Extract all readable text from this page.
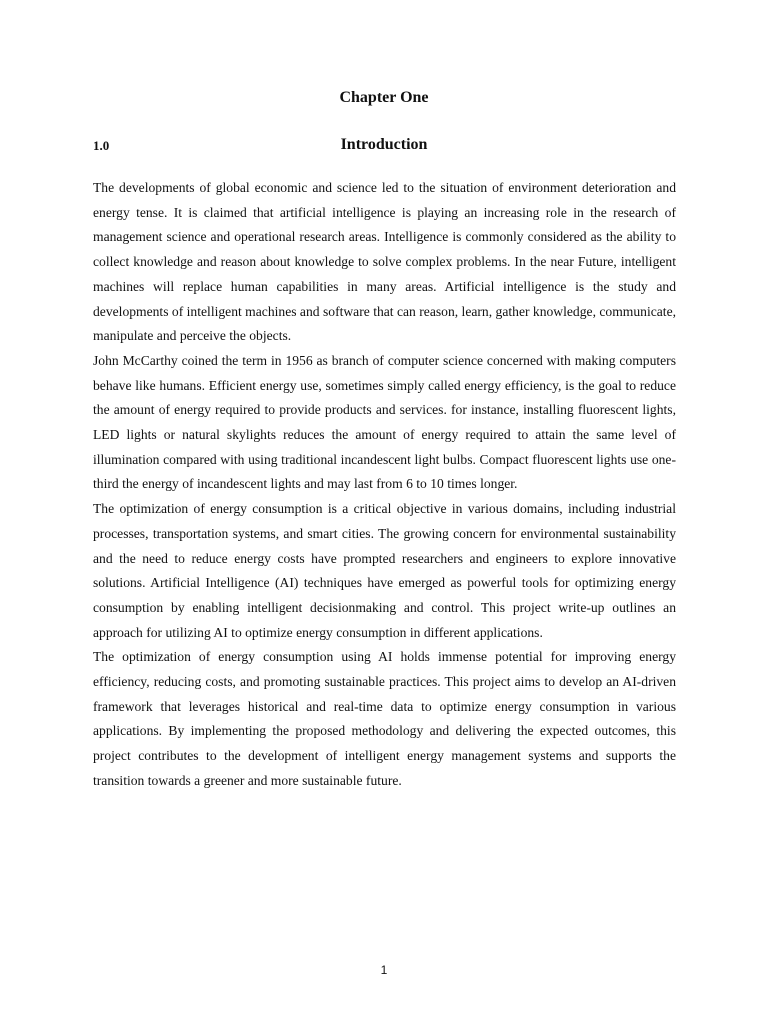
Chapter One
1.0	Introduction

The developments of global economic and science led to the situation of environment deterioration and energy tense. It is claimed that artificial intelligence is playing an increasing role in the research of management science and operational research areas. Intelligence is commonly considered as the ability to collect knowledge and reason about knowledge to solve complex problems. In the near Future, intelligent machines will replace human capabilities in many areas. Artificial intelligence is the study and developments of intelligent machines and software that can reason, learn, gather knowledge, communicate, manipulate and perceive the objects.

John McCarthy coined the term in 1956 as branch of computer science concerned with making computers behave like humans. Efficient energy use, sometimes simply called energy efficiency, is the goal to reduce the amount of energy required to provide products and services. for instance, installing fluorescent lights, LED lights or natural skylights reduces the amount of energy required to attain the same level of illumination compared with using traditional incandescent light bulbs. Compact fluorescent lights use one-third the energy of incandescent lights and may last from 6 to 10 times longer.

The optimization of energy consumption is a critical objective in various domains, including industrial processes, transportation systems, and smart cities. The growing concern for environmental sustainability and the need to reduce energy costs have prompted researchers and engineers to explore innovative solutions. Artificial Intelligence (AI) techniques have emerged as powerful tools for optimizing energy consumption by enabling intelligent decisionmaking and control. This project write-up outlines an approach for utilizing AI to optimize energy consumption in different applications.

The optimization of energy consumption using AI holds immense potential for improving energy efficiency, reducing costs, and promoting sustainable practices. This project aims to develop an AI-driven framework that leverages historical and real-time data to optimize energy consumption in various applications. By implementing the proposed methodology and delivering the expected outcomes, this project contributes to the development of intelligent energy management systems and supports the transition towards a greener and more sustainable future.

1
